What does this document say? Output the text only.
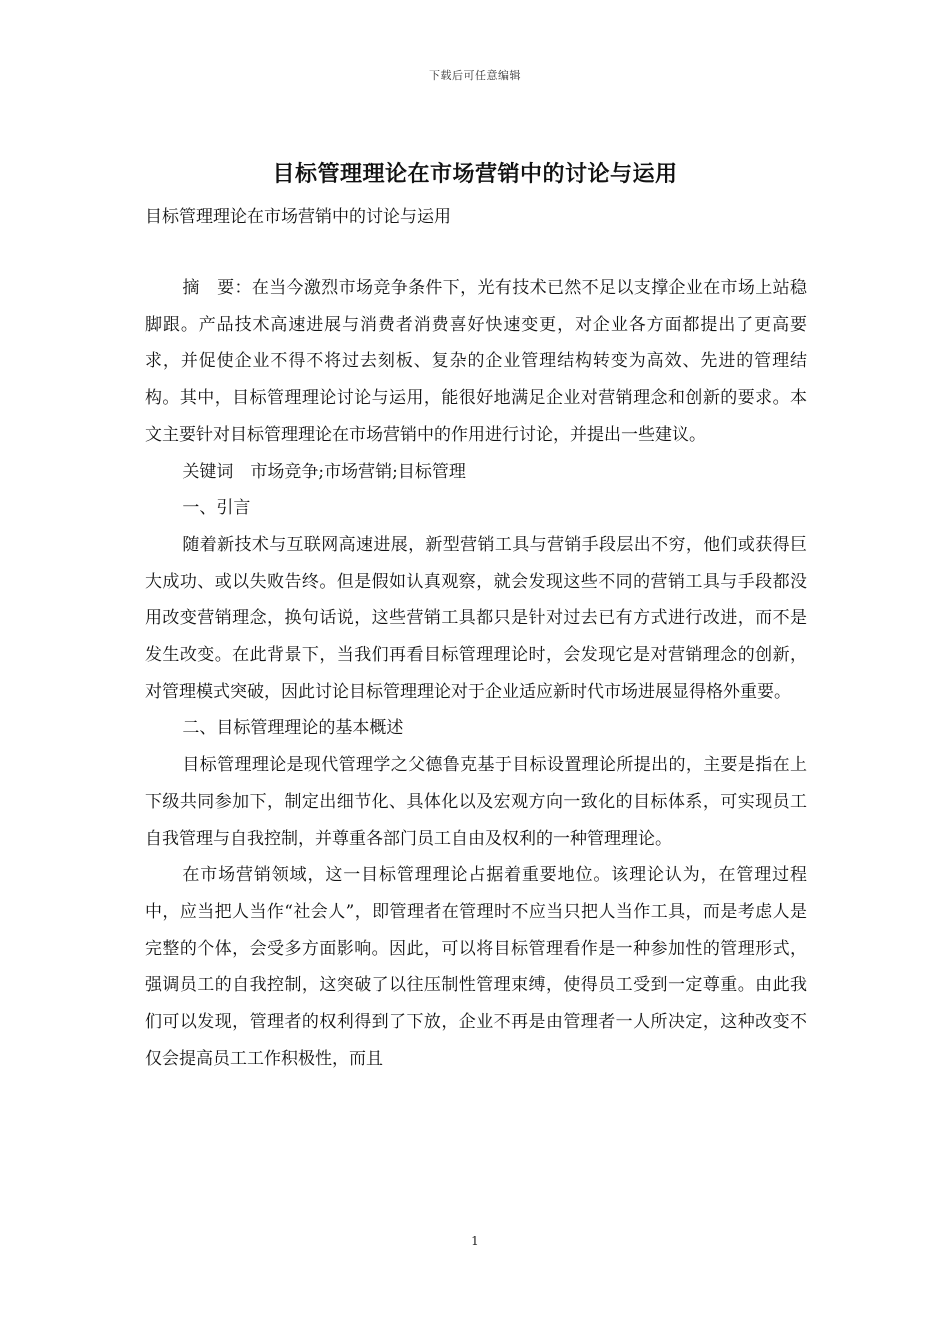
下载后可任意编辑
目标管理理论在市场营销中的讨论与运用
目标管理理论在市场营销中的讨论与运用

摘　要：在当今激烈市场竞争条件下，光有技术已然不足以支撑企业在市场上站稳脚跟。产品技术高速进展与消费者消费喜好快速变更，对企业各方面都提出了更高要求，并促使企业不得不将过去刻板、复杂的企业管理结构转变为高效、先进的管理结构。其中，目标管理理论讨论与运用，能很好地满足企业对营销理念和创新的要求。本文主要针对目标管理理论在市场营销中的作用进行讨论，并提出一些建议。

关键词　市场竞争;市场营销;目标管理

一、引言

随着新技术与互联网高速进展，新型营销工具与营销手段层出不穷，他们或获得巨大成功、或以失败告终。但是假如认真观察，就会发现这些不同的营销工具与手段都没用改变营销理念，换句话说，这些营销工具都只是针对过去已有方式进行改进，而不是发生改变。在此背景下，当我们再看目标管理理论时，会发现它是对营销理念的创新，对管理模式突破，因此讨论目标管理理论对于企业适应新时代市场进展显得格外重要。

二、目标管理理论的基本概述

目标管理理论是现代管理学之父德鲁克基于目标设置理论所提出的，主要是指在上下级共同参加下，制定出细节化、具体化以及宏观方向一致化的目标体系，可实现员工自我管理与自我控制，并尊重各部门员工自由及权利的一种管理理论。

在市场营销领域，这一目标管理理论占据着重要地位。该理论认为，在管理过程中，应当把人当作“社会人”，即管理者在管理时不应当只把人当作工具，而是考虑人是完整的个体，会受多方面影响。因此，可以将目标管理看作是一种参加性的管理形式，强调员工的自我控制，这突破了以往压制性管理束缚，使得员工受到一定尊重。由此我们可以发现，管理者的权利得到了下放，企业不再是由管理者一人所决定，这种改变不仅会提高员工工作积极性，而且

1
